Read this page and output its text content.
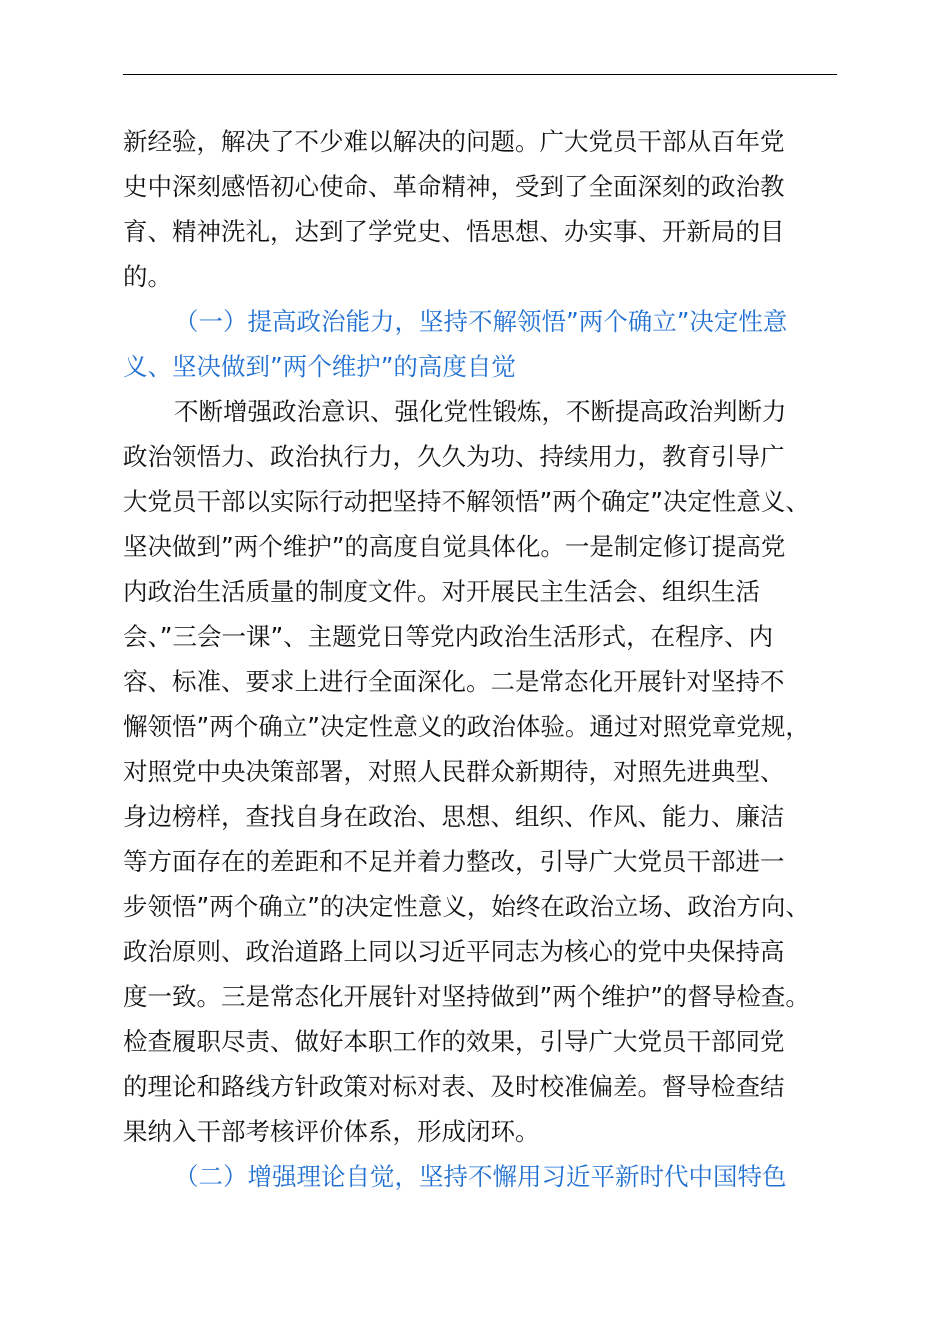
新经验，解决了不少难以解决的问题。广大党员干部从百年党
史中深刻感悟初心使命、革命精神，受到了全面深刻的政治教
育、精神洗礼，达到了学党史、悟思想、办实事、开新局的目
的。
（一）提高政治能力，坚持不解领悟”两个确立”决定性意
义、坚决做到”两个维护”的高度自觉
不断增强政治意识、强化党性锻炼，不断提高政治判断力
政治领悟力、政治执行力，久久为功、持续用力，教育引导广
大党员干部以实际行动把坚持不解领悟”两个确定”决定性意义、
坚决做到”两个维护”的高度自觉具体化。一是制定修订提高党
内政治生活质量的制度文件。对开展民主生活会、组织生活
会、”三会一课”、主题党日等党内政治生活形式，在程序、内
容、标准、要求上进行全面深化。二是常态化开展针对坚持不
懈领悟”两个确立”决定性意义的政治体验。通过对照党章党规，
对照党中央决策部署，对照人民群众新期待，对照先进典型、
身边榜样，查找自身在政治、思想、组织、作风、能力、廉洁
等方面存在的差距和不足并着力整改，引导广大党员干部进一
步领悟”两个确立”的决定性意义，始终在政治立场、政治方向、
政治原则、政治道路上同以习近平同志为核心的党中央保持高
度一致。三是常态化开展针对坚持做到”两个维护”的督导检查。
检查履职尽责、做好本职工作的效果，引导广大党员干部同党
的理论和路线方针政策对标对表、及时校准偏差。督导检查结
果纳入干部考核评价体系，形成闭环。
（二）增强理论自觉，坚持不懈用习近平新时代中国特色
